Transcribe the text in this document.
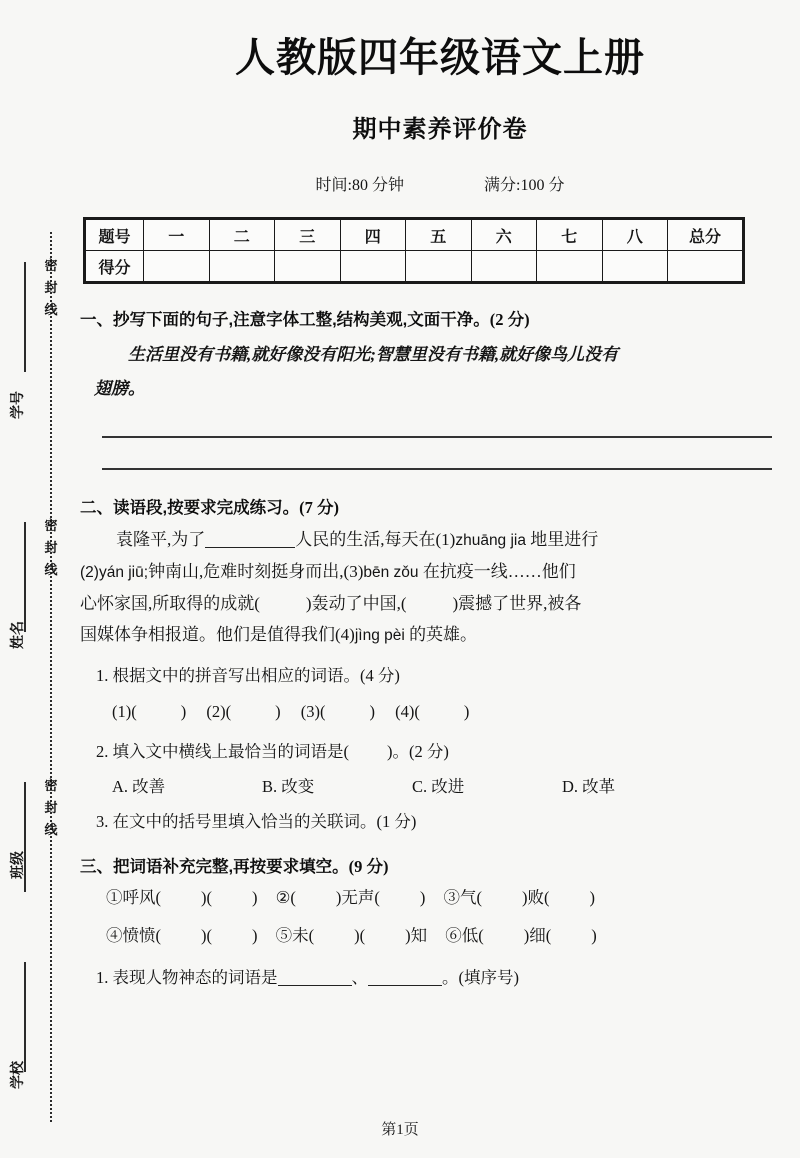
密
封
线
密
封
线
密
封
线
学号
姓名
班级
学校
人教版四年级语文上册
期中素养评价卷
时间:80 分钟	满分:100 分
题号	一	二	三	四	五	六	七	八	总分
得分									
一、抄写下面的句子,注意字体工整,结构美观,文面干净。(2 分)
生活里没有书籍,就好像没有阳光;智慧里没有书籍,就好像鸟儿没有
翅膀。
二、读语段,按要求完成练习。(7 分)
袁隆平,为了	人民的生活,每天在(1)zhuāng jia 地里进行
(2)yán jiū;钟南山,危难时刻挺身而出,(3)bēn zǒu 在抗疫一线……他们
心怀家国,所取得的成就(	)轰动了中国,(	)震撼了世界,被各
国媒体争相报道。他们是值得我们(4)jìng pèi 的英雄。
1. 根据文中的拼音写出相应的词语。(4 分)
(1)(	) (2)(	) (3)(	) (4)(	)
2. 填入文中横线上最恰当的词语是( )。(2 分)
A. 改善	B. 改变	C. 改进	D. 改革
3. 在文中的括号里填入恰当的关联词。(1 分)
三、把词语补充完整,再按要求填空。(9 分)
①呼风( )( ) ②( )无声( ) ③气( )败( )
④愤愤( )( ) ⑤未( )( )知 ⑥低( )细( )
1. 表现人物神态的词语是	、	。(填序号)
第1页
